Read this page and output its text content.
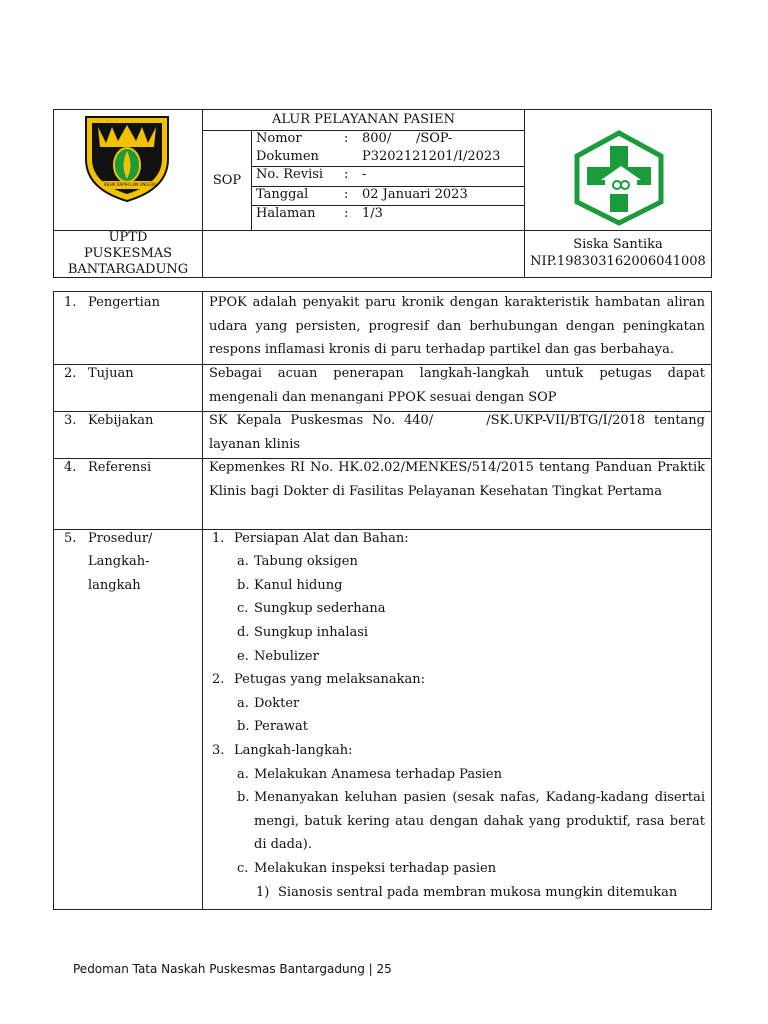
RESIK RAPIH LAN UNGGUL
ALUR PELAYANAN PASIEN
SOP
Nomor
Dokumen
: 800/      /SOP-
P3202121201/I/2023
No. Revisi : -
Tanggal	: 02 Januari 2023
Halaman : 1/3
UPTD
PUSKESMAS
BANTARGADUNG
Siska Santika
NIP.198303162006041008
1. Pengertian
2. Tujuan
3. Kebijakan
4. Referensi
5. Prosedur/
Langkah-
langkah
PPOK adalah penyakit paru kronik dengan karakteristik hambatan aliran udara yang persisten, progresif dan berhubungan dengan peningkatan respons inflamasi kronis di paru terhadap partikel dan gas berbahaya.
Sebagai acuan penerapan langkah-langkah untuk petugas dapat mengenali dan menangani PPOK sesuai dengan SOP
SK Kepala Puskesmas No. 440/      /SK.UKP-VII/BTG/I/2018 tentang layanan klinis
Kepmenkes RI No. HK.02.02/MENKES/514/2015 tentang Panduan Praktik Klinis bagi Dokter di Fasilitas Pelayanan Kesehatan Tingkat Pertama
1. Persiapan Alat dan Bahan:
a. Tabung oksigen
b. Kanul hidung
c. Sungkup sederhana
d. Sungkup inhalasi
e. Nebulizer
2. Petugas yang melaksanakan:
a. Dokter
b. Perawat
3. Langkah-langkah:
a. Melakukan Anamesa terhadap Pasien
b. Menanyakan keluhan pasien (sesak nafas, Kadang-kadang disertai mengi, batuk kering atau dengan dahak yang produktif, rasa berat di dada).
c. Melakukan inspeksi terhadap pasien
1) Sianosis sentral pada membran mukosa mungkin ditemukan
Pedoman Tata Naskah Puskesmas Bantargadung | 25
